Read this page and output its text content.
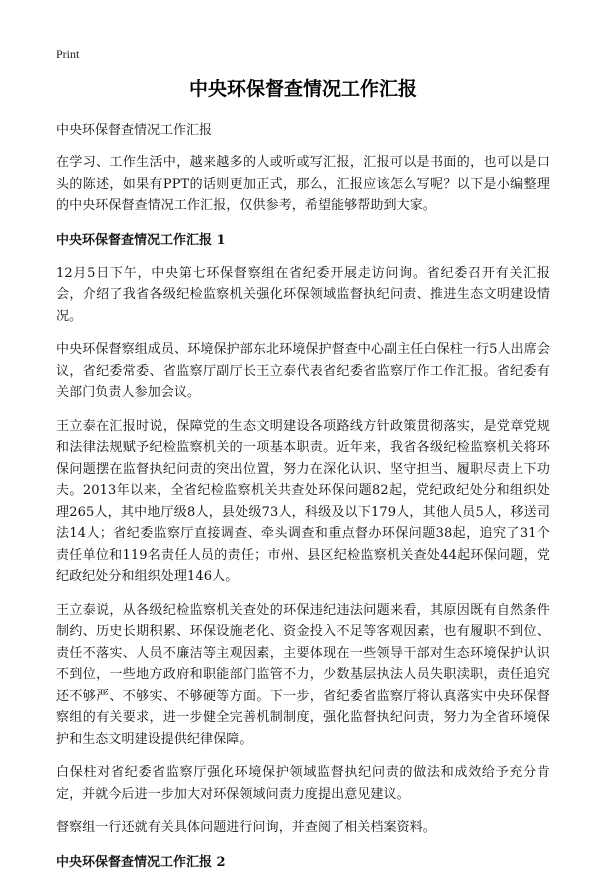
Print
中央环保督查情况工作汇报
中央环保督查情况工作汇报

在学习、工作生活中，越来越多的人或听或写汇报，汇报可以是书面的，也可以是口头的陈述，如果有PPT的话则更加正式，那么，汇报应该怎么写呢？以下是小编整理的中央环保督查情况工作汇报，仅供参考，希望能够帮助到大家。

中央环保督查情况工作汇报 1

12月5日下午，中央第七环保督察组在省纪委开展走访问询。省纪委召开有关汇报会，介绍了我省各级纪检监察机关强化环保领域监督执纪问责、推进生态文明建设情况。

中央环保督察组成员、环境保护部东北环境保护督查中心副主任白保柱一行5人出席会议，省纪委常委、省监察厅副厅长王立泰代表省纪委省监察厅作工作汇报。省纪委有关部门负责人参加会议。

王立泰在汇报时说，保障党的生态文明建设各项路线方针政策贯彻落实，是党章党规和法律法规赋予纪检监察机关的一项基本职责。近年来，我省各级纪检监察机关将环保问题摆在监督执纪问责的突出位置，努力在深化认识、坚守担当、履职尽责上下功夫。2013年以来，全省纪检监察机关共查处环保问题82起，党纪政纪处分和组织处理265人，其中地厅级8人，县处级73人，科级及以下179人，其他人员5人，移送司法14人；省纪委监察厅直接调查、牵头调查和重点督办环保问题38起，追究了31个责任单位和119名责任人员的责任；市州、县区纪检监察机关查处44起环保问题，党纪政纪处分和组织处理146人。

王立泰说，从各级纪检监察机关查处的环保违纪违法问题来看，其原因既有自然条件制约、历史长期积累、环保设施老化、资金投入不足等客观因素，也有履职不到位、责任不落实、人员不廉洁等主观因素，主要体现在一些领导干部对生态环境保护认识不到位，一些地方政府和职能部门监管不力，少数基层执法人员失职渎职，责任追究还不够严、不够实、不够硬等方面。下一步，省纪委省监察厅将认真落实中央环保督察组的有关要求，进一步健全完善机制制度，强化监督执纪问责，努力为全省环境保护和生态文明建设提供纪律保障。

白保柱对省纪委省监察厅强化环境保护领域监督执纪问责的做法和成效给予充分肯定，并就今后进一步加大对环保领域问责力度提出意见建议。

督察组一行还就有关具体问题进行问询，并查阅了相关档案资料。

中央环保督查情况工作汇报 2
